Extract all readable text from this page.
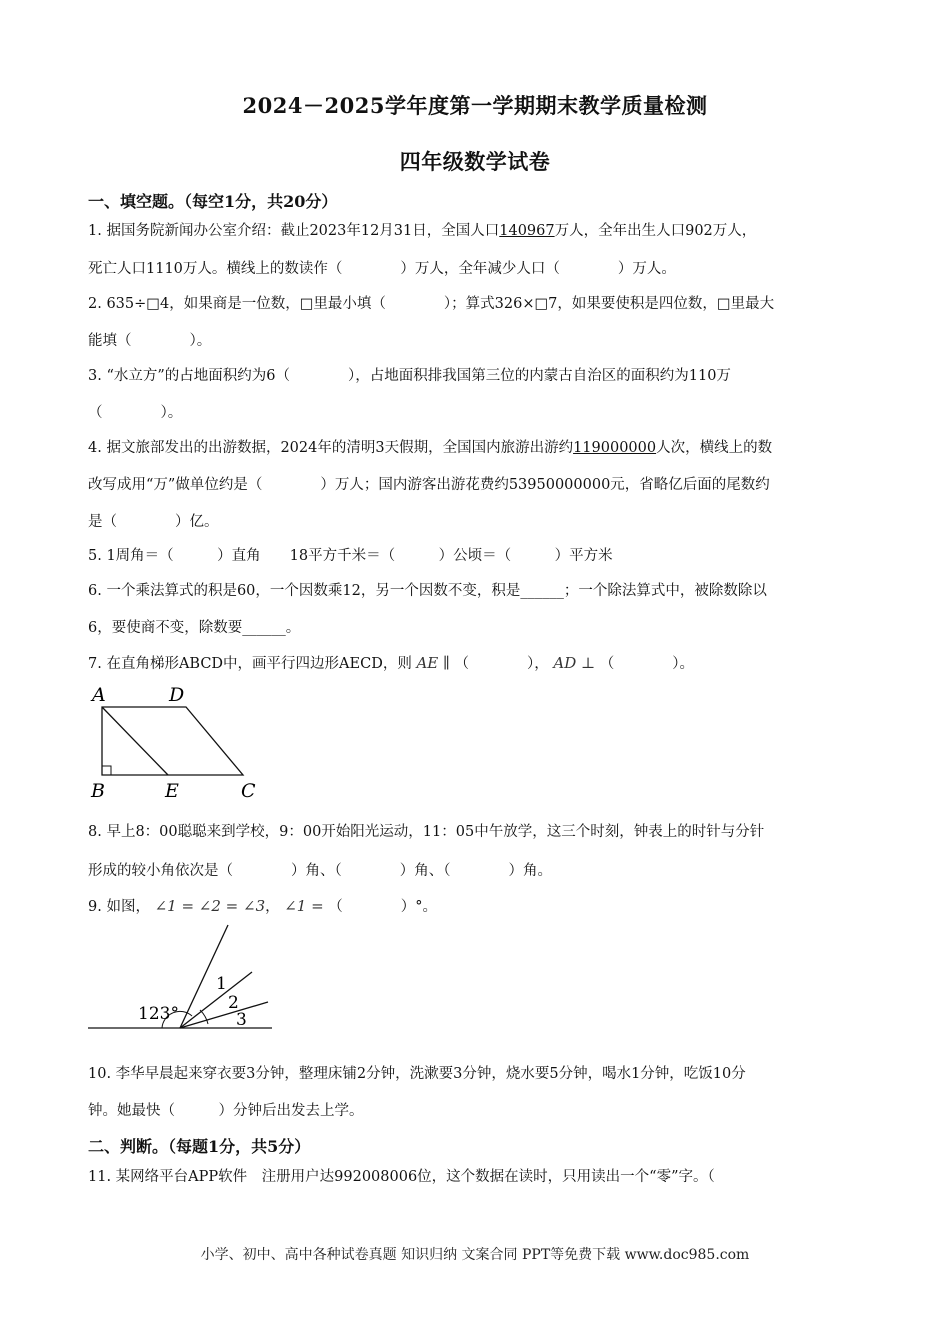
2024－2025学年度第一学期期末教学质量检测
四年级数学试卷
一、填空题。（每空1分，共20分）
1. 据国务院新闻办公室介绍：截止2023年12月31日，全国人口140967万人，全年出生人口902万人，
死亡人口1110万人。横线上的数读作（　　　　）万人，全年减少人口（　　　　）万人。
2. 635÷□4，如果商是一位数，□里最小填（　　　　）；算式326×□7，如果要使积是四位数，□里最大
能填（　　　　）。
3. “水立方”的占地面积约为6（　　　　），占地面积排我国第三位的内蒙古自治区的面积约为110万
（　　　　）。
4. 据文旅部发出的出游数据，2024年的清明3天假期，全国国内旅游出游约119000000人次，横线上的数
改写成用“万”做单位约是（　　　　）万人；国内游客出游花费约53950000000元，省略亿后面的尾数约
是（　　　　）亿。
5. 1周角＝（　　　）直角　　18平方千米＝（　　　）公顷＝（　　　）平方米
6. 一个乘法算式的积是60，一个因数乘12，另一个因数不变，积是______；一个除法算式中，被除数除以
6，要使商不变，除数要______。
7. 在直角梯形ABCD中，画平行四边形AECD，则 AE ∥ （　　　　）， AD ⊥ （　　　　）。
A	D
B	E	C
8. 早上8：00聪聪来到学校，9：00开始阳光运动，11：05中午放学，这三个时刻，钟表上的时针与分针
形成的较小角依次是（　　　　）角、（　　　　）角、（　　　　）角。
9. 如图， ∠1 = ∠2 = ∠3， ∠1 = （　　　　）°。
123°
1
2
3
10. 李华早晨起来穿衣要3分钟，整理床铺2分钟，洗漱要3分钟，烧水要5分钟，喝水1分钟，吃饭10分
钟。她最快（　　　）分钟后出发去上学。
二、判断。（每题1分，共5分）
11. 某网络平台APP软件　注册用户达992008006位，这个数据在读时，只用读出一个“零”字。（
小学、初中、高中各种试卷真题 知识归纳 文案合同 PPT等免费下载 www.doc985.com
